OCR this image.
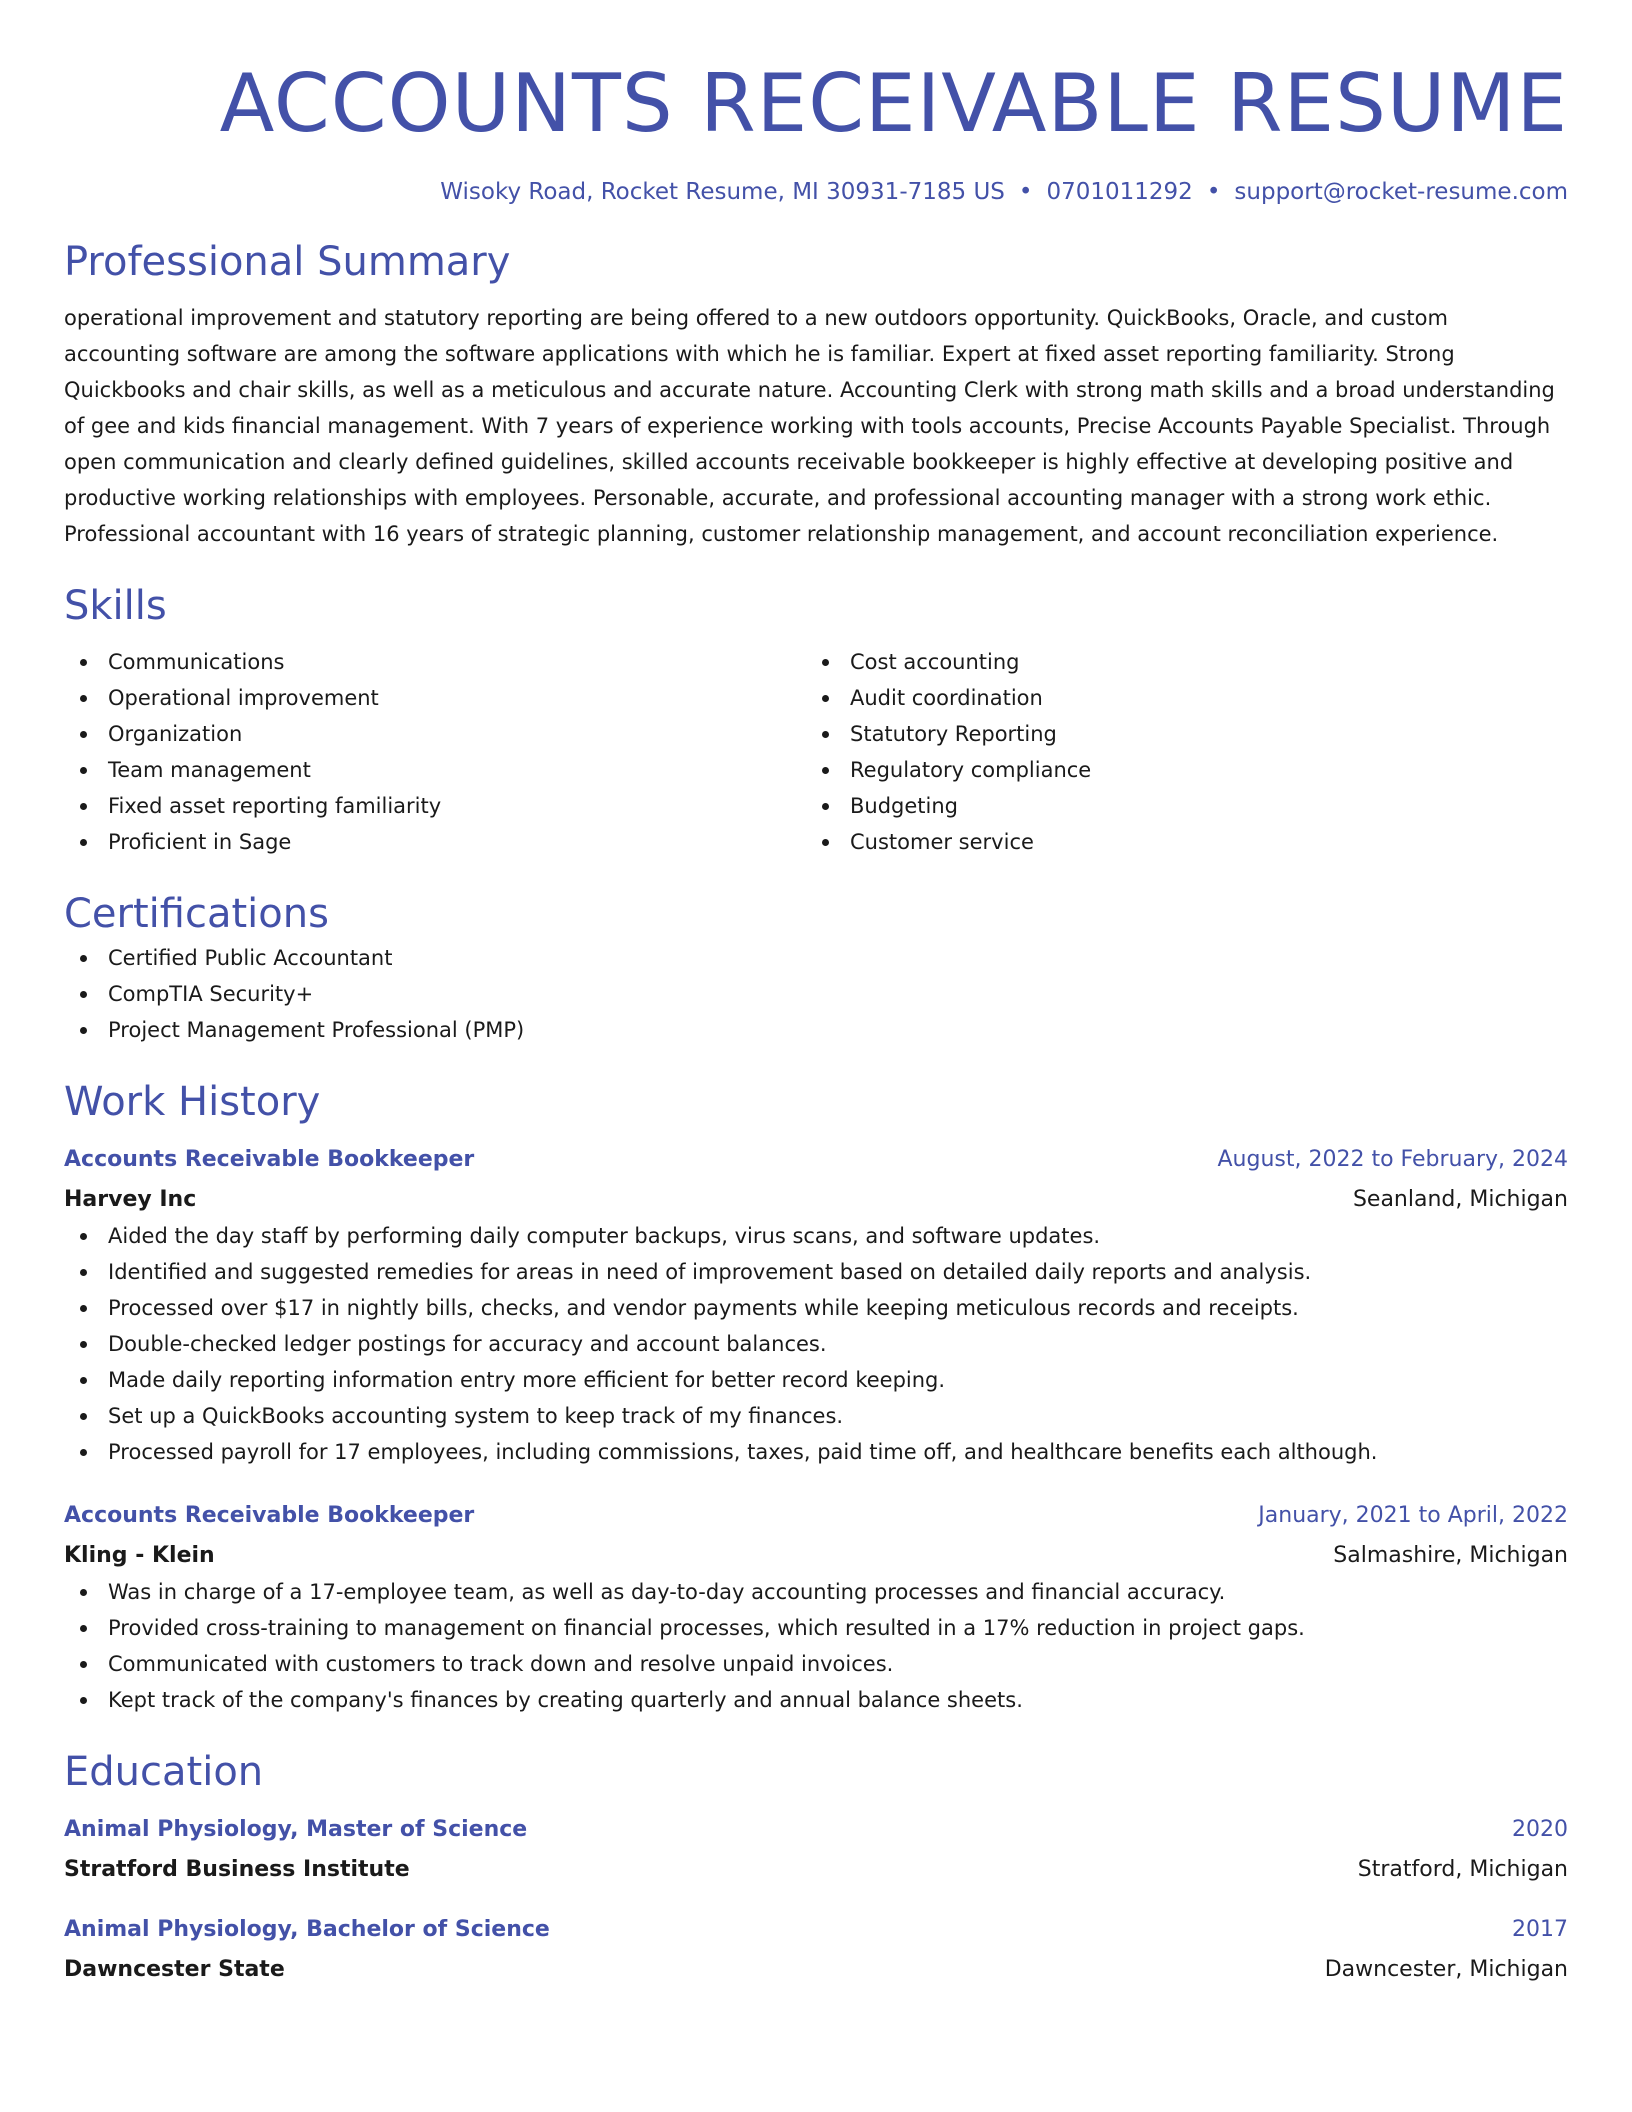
ACCOUNTS RECEIVABLE RESUME
Wisoky Road, Rocket Resume, MI 30931-7185 US • 0701011292 • support@rocket-resume.com
Professional Summary
operational improvement and statutory reporting are being offered to a new outdoors opportunity. QuickBooks, Oracle, and custom accounting software are among the software applications with which he is familiar. Expert at fixed asset reporting familiarity. Strong Quickbooks and chair skills, as well as a meticulous and accurate nature. Accounting Clerk with strong math skills and a broad understanding of gee and kids financial management. With 7 years of experience working with tools accounts, Precise Accounts Payable Specialist. Through open communication and clearly defined guidelines, skilled accounts receivable bookkeeper is highly effective at developing positive and productive working relationships with employees. Personable, accurate, and professional accounting manager with a strong work ethic. Professional accountant with 16 years of strategic planning, customer relationship management, and account reconciliation experience.
Skills
Communications
Operational improvement
Organization
Team management
Fixed asset reporting familiarity
Proficient in Sage
Cost accounting
Audit coordination
Statutory Reporting
Regulatory compliance
Budgeting
Customer service
Certifications
Certified Public Accountant
CompTIA Security+
Project Management Professional (PMP)
Work History
Accounts Receivable Bookkeeper	August, 2022 to February, 2024
Harvey Inc	Seanland, Michigan
Aided the day staff by performing daily computer backups, virus scans, and software updates.
Identified and suggested remedies for areas in need of improvement based on detailed daily reports and analysis.
Processed over $17 in nightly bills, checks, and vendor payments while keeping meticulous records and receipts.
Double-checked ledger postings for accuracy and account balances.
Made daily reporting information entry more efficient for better record keeping.
Set up a QuickBooks accounting system to keep track of my finances.
Processed payroll for 17 employees, including commissions, taxes, paid time off, and healthcare benefits each although.
Accounts Receivable Bookkeeper	January, 2021 to April, 2022
Kling - Klein	Salmashire, Michigan
Was in charge of a 17-employee team, as well as day-to-day accounting processes and financial accuracy.
Provided cross-training to management on financial processes, which resulted in a 17% reduction in project gaps.
Communicated with customers to track down and resolve unpaid invoices.
Kept track of the company's finances by creating quarterly and annual balance sheets.
Education
Animal Physiology, Master of Science	2020
Stratford Business Institute	Stratford, Michigan
Animal Physiology, Bachelor of Science	2017
Dawncester State	Dawncester, Michigan
